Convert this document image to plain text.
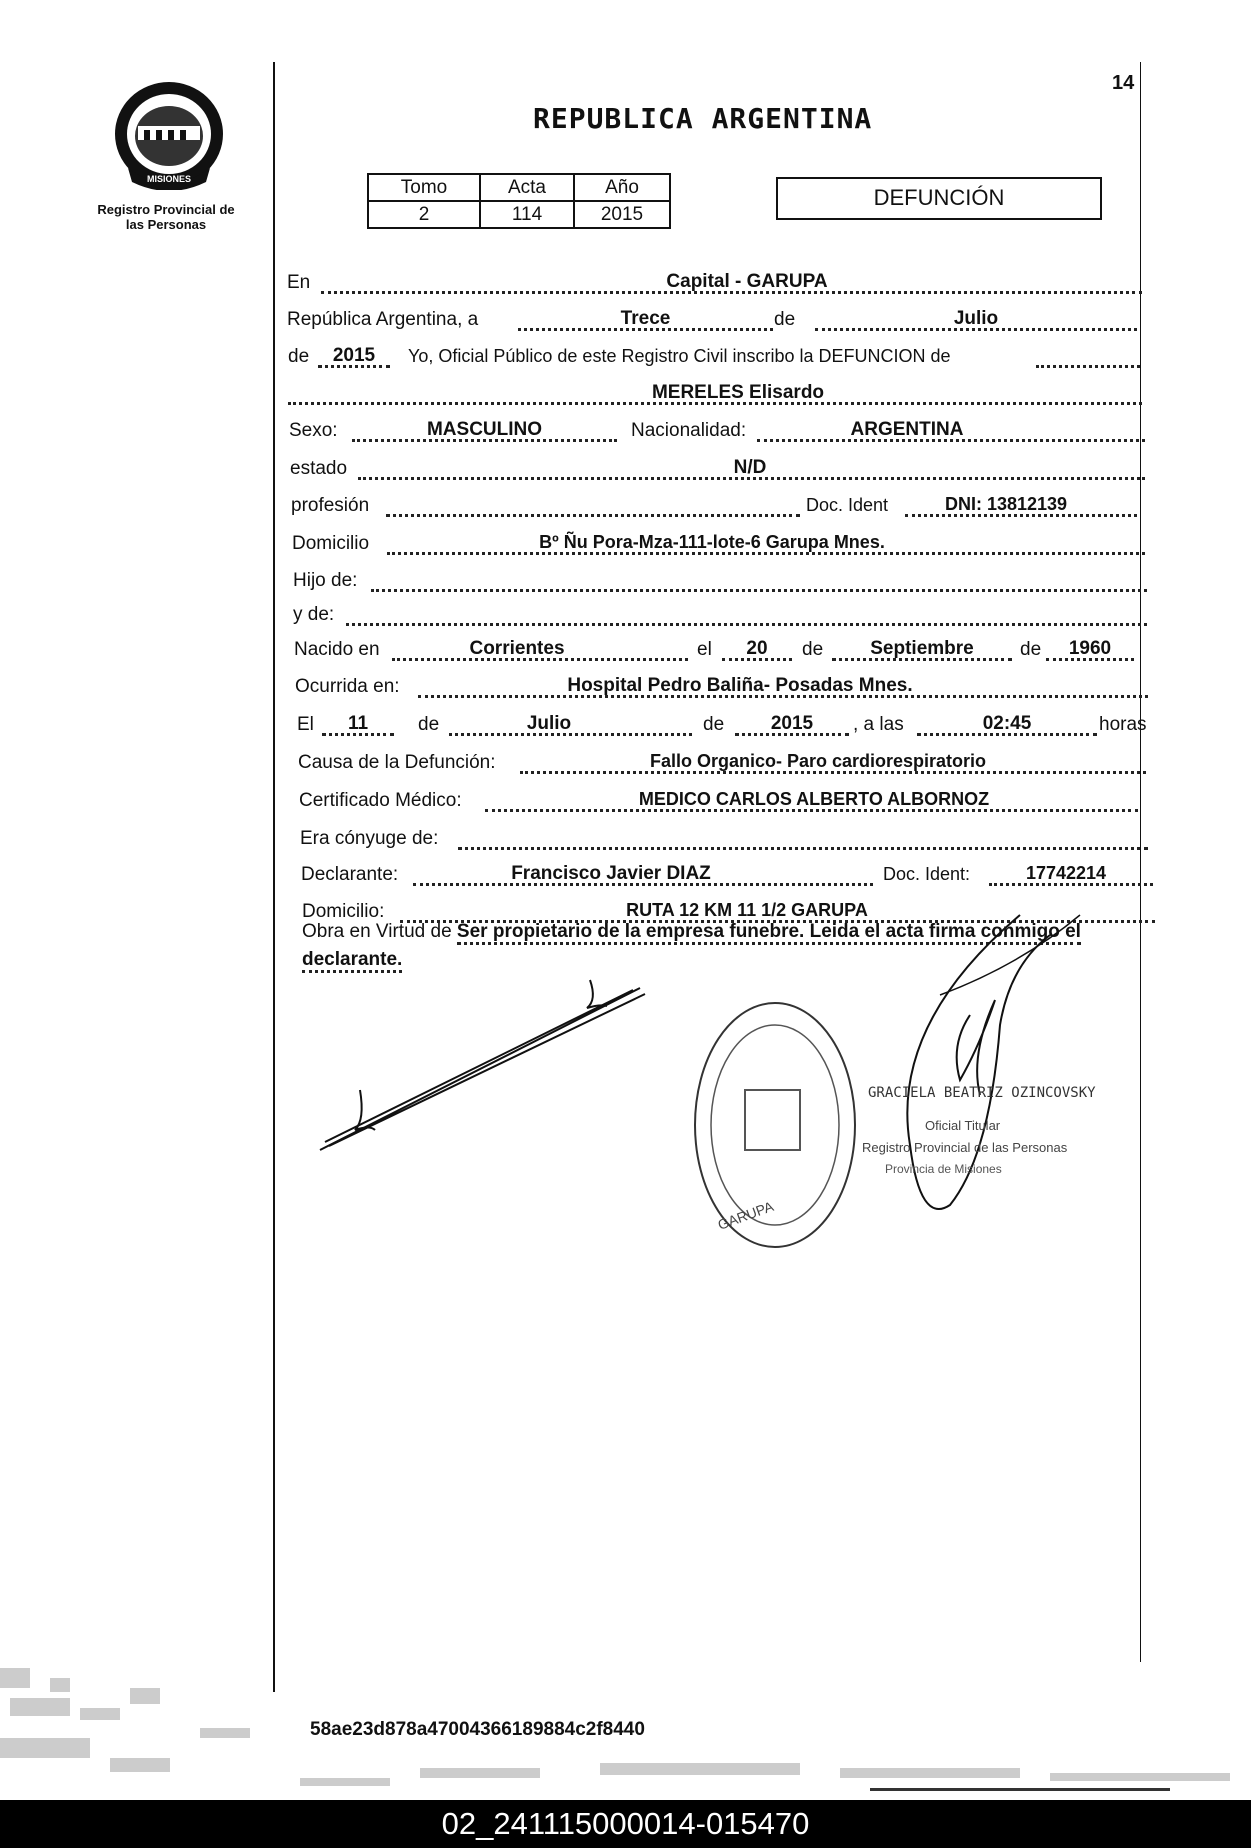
MISIONES
Registro Provincial de
las Personas
14
REPUBLICA ARGENTINA
Tomo	Acta	Año
2	114	2015
DEFUNCIÓN
En	Capital - GARUPA
República Argentina, a	Trece	de	Julio
de	2015	Yo, Oficial Público de este Registro Civil inscribo la DEFUNCION de
MERELES Elisardo
Sexo:	MASCULINO	Nacionalidad:	ARGENTINA
estado	N/D
profesión	Doc. Ident	DNI: 13812139
Domicilio	Bº Ñu Pora-Mza-111-lote-6 Garupa Mnes.
Hijo de:
y de:
Nacido en	Corrientes	el	20	de	Septiembre	de	1960
Ocurrida en:	Hospital Pedro Baliña- Posadas Mnes.
El	11	de	Julio	de	2015	, a las	02:45	horas
Causa de la Defunción:	Fallo Organico- Paro cardiorespiratorio
Certificado Médico:	MEDICO CARLOS ALBERTO ALBORNOZ
Era cónyuge de:
Declarante:	Francisco Javier DIAZ	Doc. Ident:	17742214
Domicilio:	RUTA 12 KM 11 1/2 GARUPA
Obra en Virtud de Ser propietario de la empresa funebre. Leida el acta firma conmigo el
declarante.
GARUPA
GRACIELA BEATRIZ OZINCOVSKY
Oficial Titular
Registro Provincial de las Personas
Provincia de Misiones
58ae23d878a47004366189884c2f8440
02_241115000014-015470
